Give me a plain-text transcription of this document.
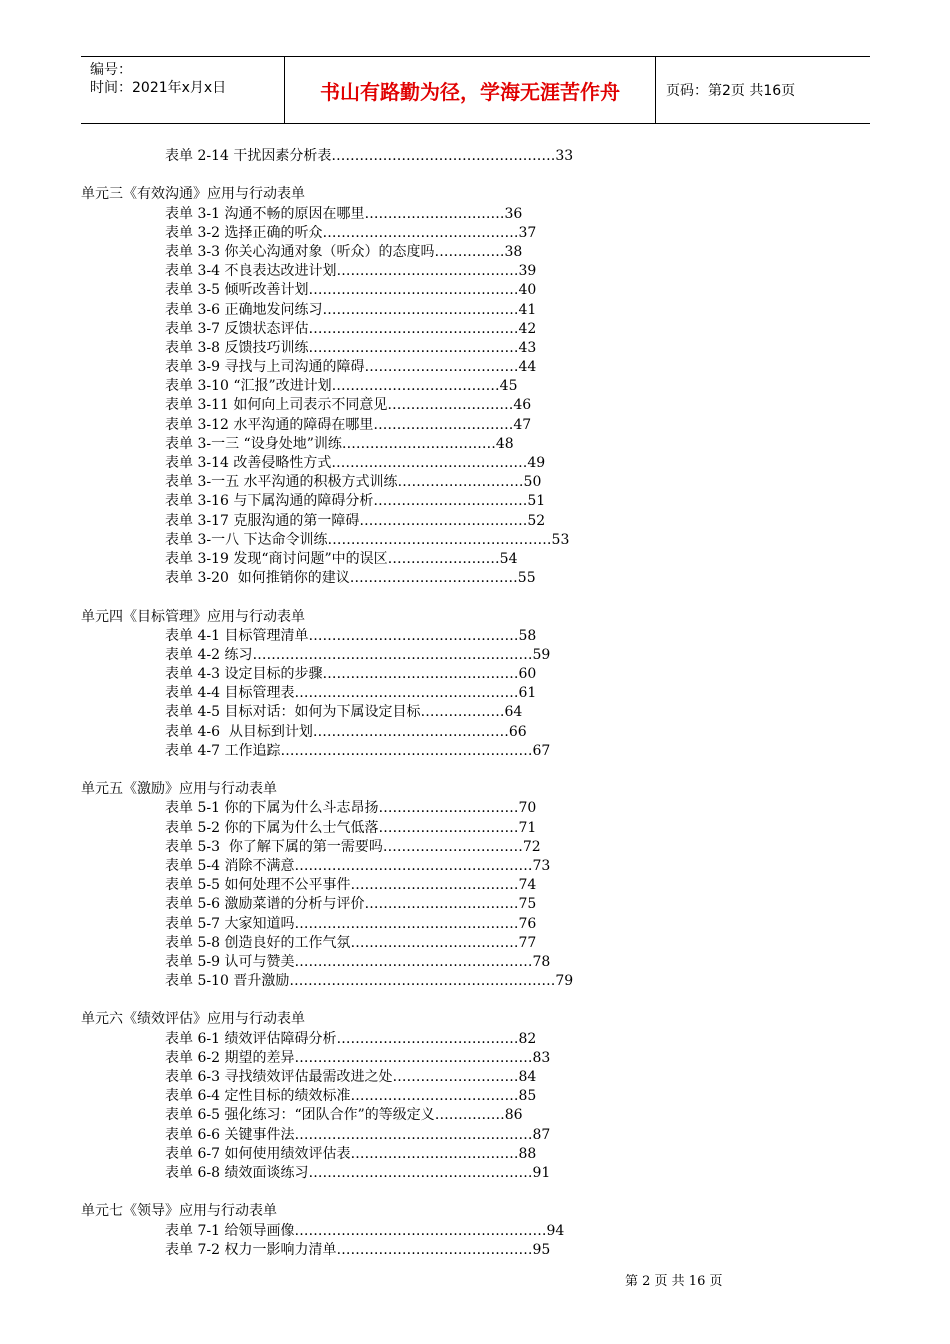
编号：
时间：2021年x月x日	书山有路勤为径，学海无涯苦作舟	页码：第2页 共16页
表单 2-14 干扰因素分析表…………………………………………33
单元三《有效沟通》应用与行动表单
表单 3-1 沟通不畅的原因在哪里…………………………36
表单 3-2 选择正确的听众……………………………………37
表单 3-3 你关心沟通对象（听众）的态度吗……………38
表单 3-4 不良表达改进计划…………………………………39
表单 3-5 倾听改善计划………………………………………40
表单 3-6 正确地发问练习……………………………………41
表单 3-7 反馈状态评估………………………………………42
表单 3-8 反馈技巧训练………………………………………43
表单 3-9 寻找与上司沟通的障碍……………………………44
表单 3-10 “汇报”改进计划………………………………45
表单 3-11 如何向上司表示不同意见………………………46
表单 3-12 水平沟通的障碍在哪里…………………………47
表单 3-一三 “设身处地”训练……………………………48
表单 3-14 改善侵略性方式……………………………………49
表单 3-一五 水平沟通的积极方式训练………………………50
表单 3-16 与下属沟通的障碍分析……………………………51
表单 3-17 克服沟通的第一障碍………………………………52
表单 3-一八 下达命令训练…………………………………………53
表单 3-19 发现“商讨问题”中的误区……………………54
表单 3-20  如何推销你的建议………………………………55
单元四《目标管理》应用与行动表单
表单 4-1 目标管理清单………………………………………58
表单 4-2 练习……………………………………………………59
表单 4-3 设定目标的步骤……………………………………60
表单 4-4 目标管理表…………………………………………61
表单 4-5 目标对话：如何为下属设定目标………………64
表单 4-6  从目标到计划……………………………………66
表单 4-7 工作追踪………………………………………………67
单元五《激励》应用与行动表单
表单 5-1 你的下属为什么斗志昂扬…………………………70
表单 5-2 你的下属为什么士气低落…………………………71
表单 5-3  你了解下属的第一需要吗…………………………72
表单 5-4 消除不满意……………………………………………73
表单 5-5 如何处理不公平事件………………………………74
表单 5-6 激励菜谱的分析与评价……………………………75
表单 5-7 大家知道吗…………………………………………76
表单 5-8 创造良好的工作气氛………………………………77
表单 5-9 认可与赞美……………………………………………78
表单 5-10 晋升激励…………………………………………………79
单元六《绩效评估》应用与行动表单
表单 6-1 绩效评估障碍分析…………………………………82
表单 6-2 期望的差异……………………………………………83
表单 6-3 寻找绩效评估最需改进之处………………………84
表单 6-4 定性目标的绩效标准………………………………85
表单 6-5 强化练习：“团队合作”的等级定义……………86
表单 6-6 关键事件法……………………………………………87
表单 6-7 如何使用绩效评估表………………………………88
表单 6-8 绩效面谈练习…………………………………………91
单元七《领导》应用与行动表单
表单 7-1 给领导画像………………………………………………94
表单 7-2 权力一影响力清单……………………………………95
第 2 页 共 16 页
